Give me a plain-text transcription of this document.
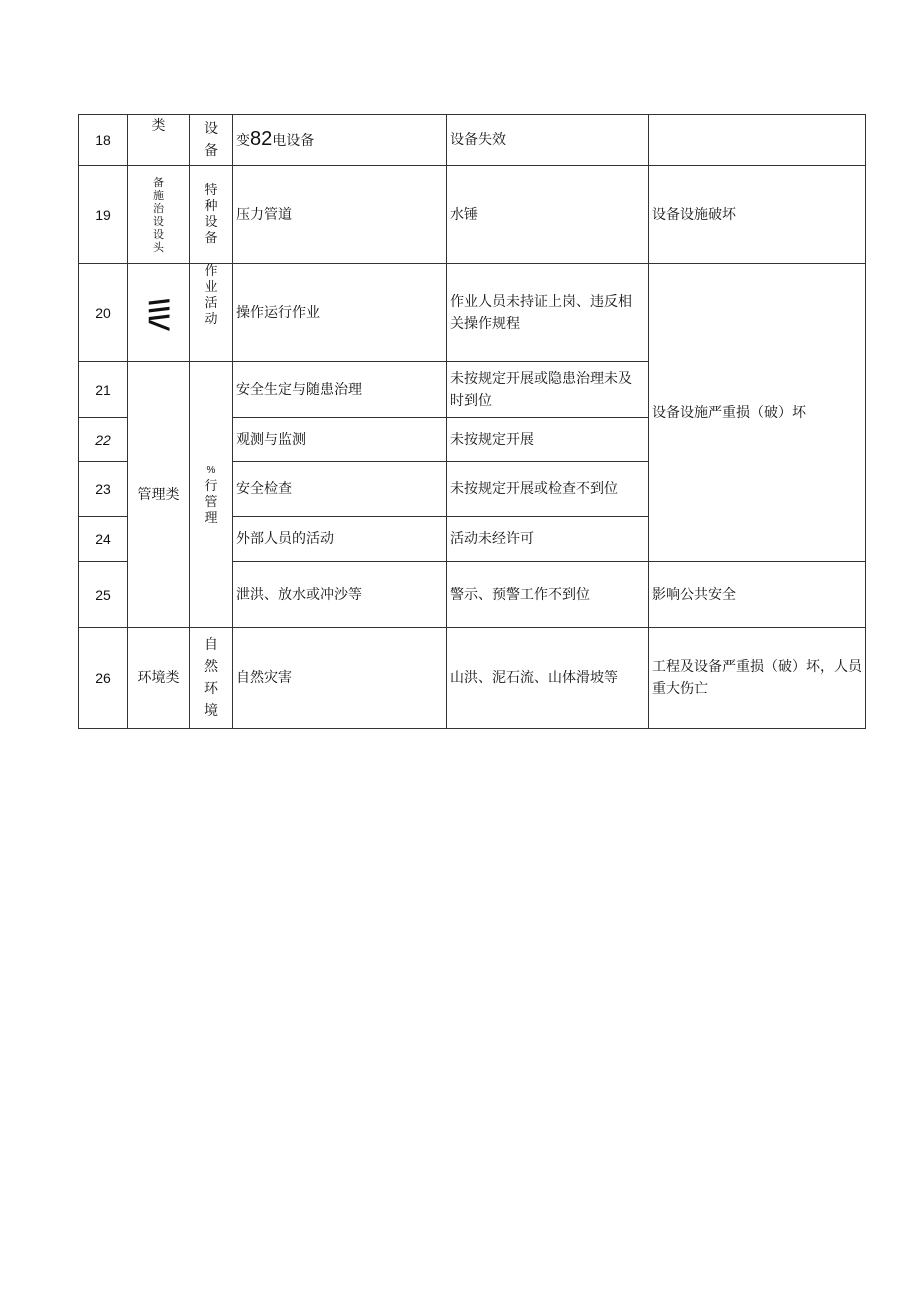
18	类	设备	变82电设备	设备失效	
19	备施治设设头	特种设备	压力管道	水锤	设备设施破坏
20	\\\/	作业活动	操作运行作业	作业人员未持证上岗、违反相关操作规程	设备设施严重损（破）坏
21	管理类	%行管理	安全生定与随患治理	未按规定开展或隐患治理未及时到位	
22			观测与监测	未按规定开展	
23			安全检查	未按规定开展或检查不到位	
24			外部人员的活动	活动未经许可	
25			泄洪、放水或冲沙等	警示、预警工作不到位	影响公共安全
26	环境类	自然环境	自然灾害	山洪、泥石流、山体滑坡等	工程及设备严重损（破）坏，人员重大伤亡
